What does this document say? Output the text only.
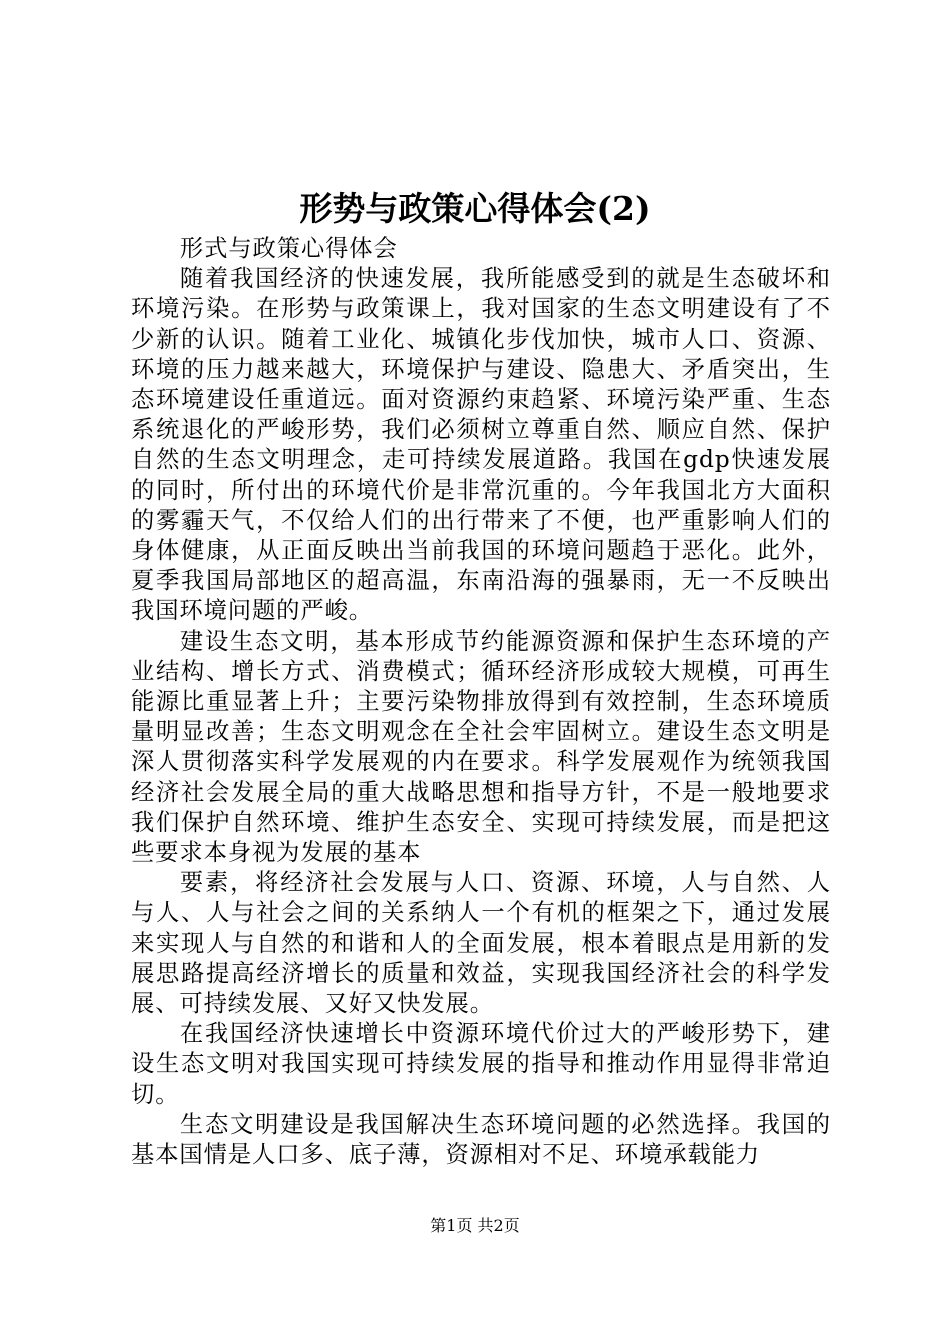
形势与政策心得体会(2)

形式与政策心得体会

随着我国经济的快速发展，我所能感受到的就是生态破坏和环境污染。在形势与政策课上，我对国家的生态文明建设有了不少新的认识。随着工业化、城镇化步伐加快，城市人口、资源、环境的压力越来越大，环境保护与建设、隐患大、矛盾突出，生态环境建设任重道远。面对资源约束趋紧、环境污染严重、生态系统退化的严峻形势，我们必须树立尊重自然、顺应自然、保护自然的生态文明理念，走可持续发展道路。我国在gdp快速发展的同时，所付出的环境代价是非常沉重的。今年我国北方大面积的雾霾天气，不仅给人们的出行带来了不便，也严重影响人们的身体健康，从正面反映出当前我国的环境问题趋于恶化。此外，夏季我国局部地区的超高温，东南沿海的强暴雨，无一不反映出我国环境问题的严峻。

建设生态文明，基本形成节约能源资源和保护生态环境的产业结构、增长方式、消费模式；循环经济形成较大规模，可再生能源比重显著上升；主要污染物排放得到有效控制，生态环境质量明显改善；生态文明观念在全社会牢固树立。建设生态文明是深人贯彻落实科学发展观的内在要求。科学发展观作为统领我国经济社会发展全局的重大战略思想和指导方针，不是一般地要求我们保护自然环境、维护生态安全、实现可持续发展，而是把这些要求本身视为发展的基本

要素，将经济社会发展与人口、资源、环境，人与自然、人与人、人与社会之间的关系纳人一个有机的框架之下，通过发展来实现人与自然的和谐和人的全面发展，根本着眼点是用新的发展思路提高经济增长的质量和效益，实现我国经济社会的科学发展、可持续发展、又好又快发展。

在我国经济快速增长中资源环境代价过大的严峻形势下，建设生态文明对我国实现可持续发展的指导和推动作用显得非常迫切。

生态文明建设是我国解决生态环境问题的必然选择。我国的基本国情是人口多、底子薄，资源相对不足、环境承载能力

第1页 共2页
